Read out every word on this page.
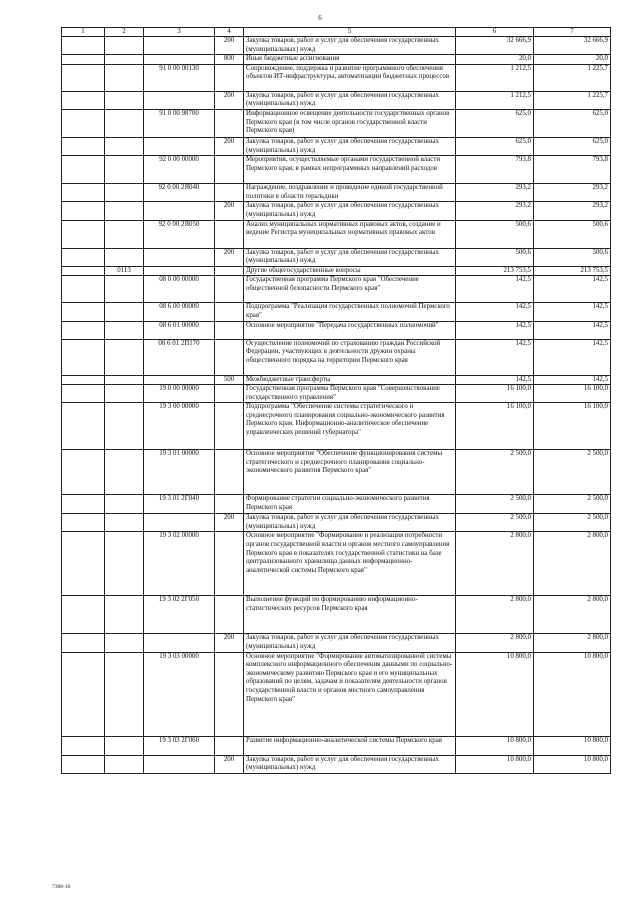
6
1	2	3	4	5	6	7
			200	Закупка товаров, работ и услуг для обеспечения государственных (муниципальных) нужд	32 666,9	32 666,9
			800	Иные бюджетные ассигнования	20,0	20,0
		91 0 00 00130		Сопровождение, поддержка и развитие программного обеспечения объектов ИТ-инфраструктуры, автоматизации бюджетных процессов	1 212,5	1 225,7
			200	Закупка товаров, работ и услуг для обеспечения государственных (муниципальных) нужд	1 212,5	1 225,7
		91 0 00 98700		Информационное освещение деятельности государственных органов Пермского края (в том числе органов государственной власти Пермского края)	625,0	625,0
			200	Закупка товаров, работ и услуг для обеспечения государственных (муниципальных) нужд	625,0	625,0
		92 0 00 00000		Мероприятия, осуществляемые органами государственной власти Пермского края, в рамках непрограммных направлений расходов	793,8	793,8
		92 0 00 2Я040		Награждение, поздравление и проведение единой государственной политики в области геральдики	293,2	293,2
			200	Закупка товаров, работ и услуг для обеспечения государственных (муниципальных) нужд	293,2	293,2
		92 0 00 2Я050		Анализ муниципальных нормативных правовых актов, создание и ведение Регистра муниципальных нормативных правовых актов	500,6	500,6
			200	Закупка товаров, работ и услуг для обеспечения государственных (муниципальных) нужд	500,6	500,6
	0113			Другие общегосударственные вопросы	213 753,5	213 753,5
		08 0 00 00000		Государственная программа Пермского края "Обеспечение общественной безопасности Пермского края"	142,5	142,5
		08 6 00 00000		Подпрограмма "Реализация государственных полномочий Пермского края"	142,5	142,5
		08 6 01 00000		Основное мероприятие "Передача государственных полномочий"	142,5	142,5
		08 6 01 2П170		Осуществление полномочий по страхованию граждан Российской Федерации, участвующих в деятельности дружин охраны общественного порядка на территории Пермского края	142,5	142,5
			500	Межбюджетные трансферты	142,5	142,5
		19 0 00 00000		Государственная программа Пермского края "Совершенствование государственного управления"	16 100,0	16 100,0
		19 3 00 00000		Подпрограмма "Обеспечение системы стратегического и среднесрочного планирования социально-экономического развития Пермского края. Информационно-аналитическое обеспечение управленческих решений губернатора"	16 100,0	16 100,0
		19 3 01 00000		Основное мероприятие "Обеспечение функционирования системы стратегического и среднесрочного планирования социально-экономического развития Пермского края"	2 500,0	2 500,0
		19 3 01 2Г040		Формирование стратегии социально-экономического развития Пермского края	2 500,0	2 500,0
			200	Закупка товаров, работ и услуг для обеспечения государственных (муниципальных) нужд	2 500,0	2 500,0
		19 3 02 00000		Основное мероприятие "Формирование и реализация потребности органов государственной власти и органов местного самоуправления Пермского края в показателях государственной статистики на базе централизованного хранилища данных информационно-аналитической системы Пермского края"	2 800,0	2 800,0
		19 3 02 2Г050		Выполнение функций по формированию информационно-статистических ресурсов Пермского края	2 800,0	2 800,0
			200	Закупка товаров, работ и услуг для обеспечения государственных (муниципальных) нужд	2 800,0	2 800,0
		19 3 03 00000		Основное мероприятие "Формирование автоматизированной системы комплексного информационного обеспечения данными по социально-экономическому развитию Пермского края и его муниципальных образований по целям, задачам и показателям деятельности органов государственной власти и органов местного самоуправления Пермского края"	10 800,0	10 800,0
		19 3 03 2Г060		Развитие информационно-аналитической системы Пермского края	10 800,0	10 800,0
			200	Закупка товаров, работ и услуг для обеспечения государственных (муниципальных) нужд	10 800,0	10 800,0
7308-16
